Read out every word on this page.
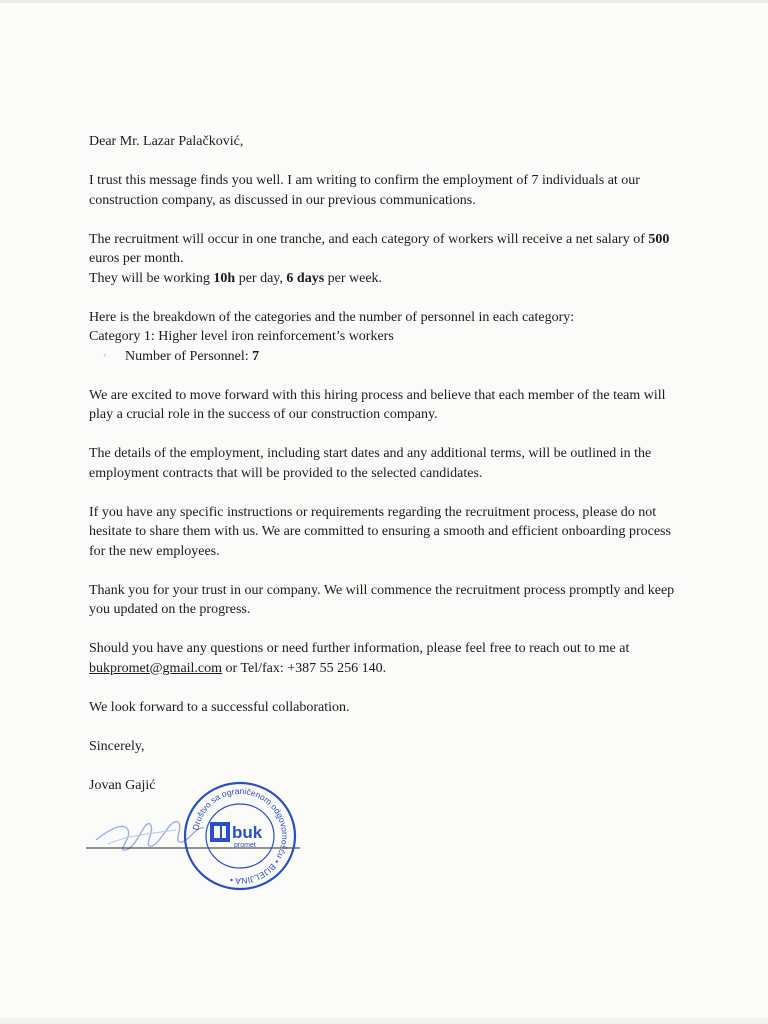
Dear Mr. Lazar Palačković,

I trust this message finds you well. I am writing to confirm the employment of 7 individuals at our construction company, as discussed in our previous communications.

The recruitment will occur in one tranche, and each category of workers will receive a net salary of 500 euros per month.
They will be working 10h per day, 6 days per week.

Here is the breakdown of the categories and the number of personnel in each category:
Category 1: Higher level iron reinforcement’s workers
• Number of Personnel: 7

We are excited to move forward with this hiring process and believe that each member of the team will play a crucial role in the success of our construction company.

The details of the employment, including start dates and any additional terms, will be outlined in the employment contracts that will be provided to the selected candidates.

If you have any specific instructions or requirements regarding the recruitment process, please do not hesitate to share them with us. We are committed to ensuring a smooth and efficient onboarding process for the new employees.

Thank you for your trust in our company. We will commence the recruitment process promptly and keep you updated on the progress.

Should you have any questions or need further information, please feel free to reach out to me at
bukpromet@gmail.com or Tel/fax: +387 55 256 140.

We look forward to a successful collaboration.

Sincerely,

Jovan Gajić

Društvo sa ograničenom odgovornošću • BIJELJINA •
buk
promet
